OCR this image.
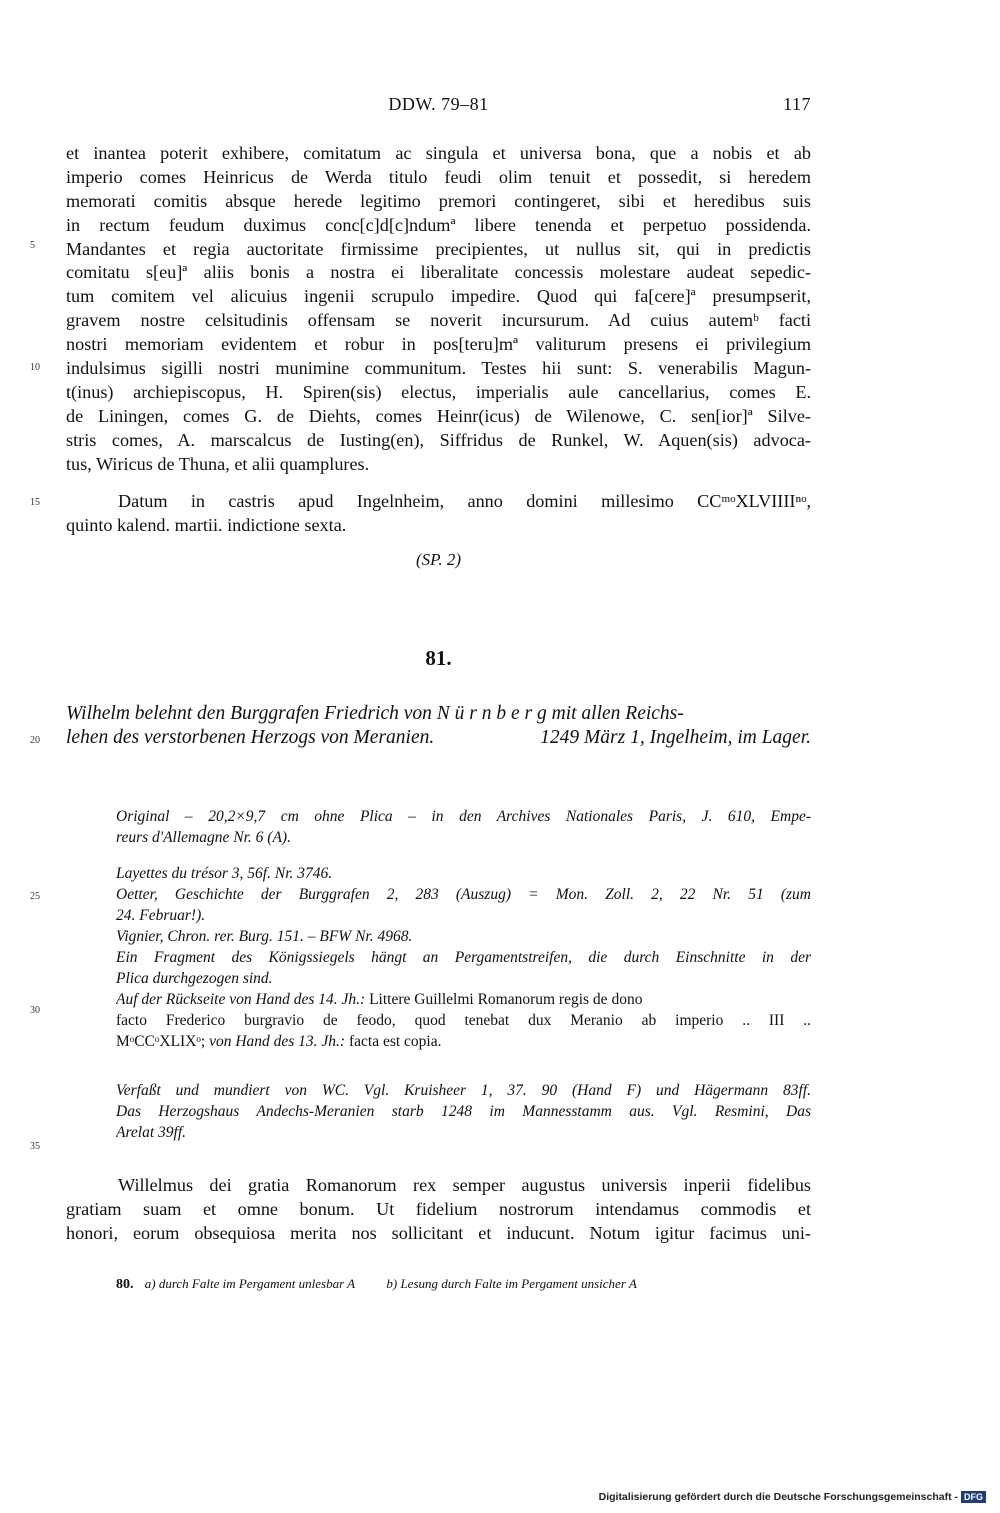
DDW. 79–81	117
et inantea poterit exhibere, comitatum ac singula et universa bona, que a nobis et ab
imperio comes Heinricus de Werda titulo feudi olim tenuit et possedit, si heredem
memorati comitis absque herede legitimo premori contingeret, sibi et heredibus suis
in rectum feudum duximus conc[c]d[c]ndumª libere tenenda et perpetuo possidenda.
Mandantes et regia auctoritate firmissime precipientes, ut nullus sit, qui in predictis
comitatu s[eu]ª aliis bonis a nostra ei liberalitate concessis molestare audeat sepedic-
tum comitem vel alicuius ingenii scrupulo impedire. Quod qui fa[cere]ª presumpserit,
gravem nostre celsitudinis offensam se noverit incursurum. Ad cuius autemᵇ facti
nostri memoriam evidentem et robur in pos[teru]mª valiturum presens ei privilegium
indulsimus sigilli nostri munimine communitum. Testes hii sunt: S. venerabilis Magun-
t(inus) archiepiscopus, H. Spiren(sis) electus, imperialis aule cancellarius, comes E.
de Liningen, comes G. de Diehts, comes Heinr(icus) de Wilenowe, C. sen[ior]ª Silve-
stris comes, A. marscalcus de Iusting(en), Siffridus de Runkel, W. Aquen(sis) advoca-
tus, Wiricus de Thuna, et alii quamplures.
5
10
15	Datum in castris apud Ingelnheim, anno domini millesimo CCᵐᵒXLVIIIIⁿᵒ,
quinto kalend. martii. indictione sexta.
(SP. 2)
81.
Wilhelm belehnt den Burggrafen Friedrich von N ü r n b e r g mit allen Reichs-
lehen des verstorbenen Herzogs von Meranien.
20	1249 März 1, Ingelheim, im Lager.
Original – 20,2×9,7 cm ohne Plica – in den Archives Nationales Paris, J. 610, Empe-
reurs d'Allemagne Nr. 6 (A).
Layettes du trésor 3, 56f. Nr. 3746.
Oetter, Geschichte der Burggrafen 2, 283 (Auszug) = Mon. Zoll. 2, 22 Nr. 51 (zum
24. Februar!).
Vignier, Chron. rer. Burg. 151. – BFW Nr. 4968.
Ein Fragment des Königssiegels hängt an Pergamentstreifen, die durch Einschnitte in der
Plica durchgezogen sind.
Auf der Rückseite von Hand des 14. Jh.: Littere Guillelmi Romanorum regis de dono
facto Frederico burgravio de feodo, quod tenebat dux Meranio ab imperio .. III ..
MᵒCCᵒXLIXᵒ; von Hand des 13. Jh.: facta est copia.
25
30
Verfaßt und mundiert von WC. Vgl. Kruisheer 1, 37. 90 (Hand F) und Hägermann 83ff.
Das Herzogshaus Andechs-Meranien starb 1248 im Mannesstamm aus. Vgl. Resmini, Das
Arelat 39ff.
35
Willelmus dei gratia Romanorum rex semper augustus universis inperii fidelibus
gratiam suam et omne bonum. Ut fidelium nostrorum intendamus commodis et
honori, eorum obsequiosa merita nos sollicitant et inducunt. Notum igitur facimus uni-
80. a) durch Falte im Pergament unlesbar A b) Lesung durch Falte im Pergament unsicher A
Digitalisierung gefördert durch die Deutsche Forschungsgemeinschaft - DFG
